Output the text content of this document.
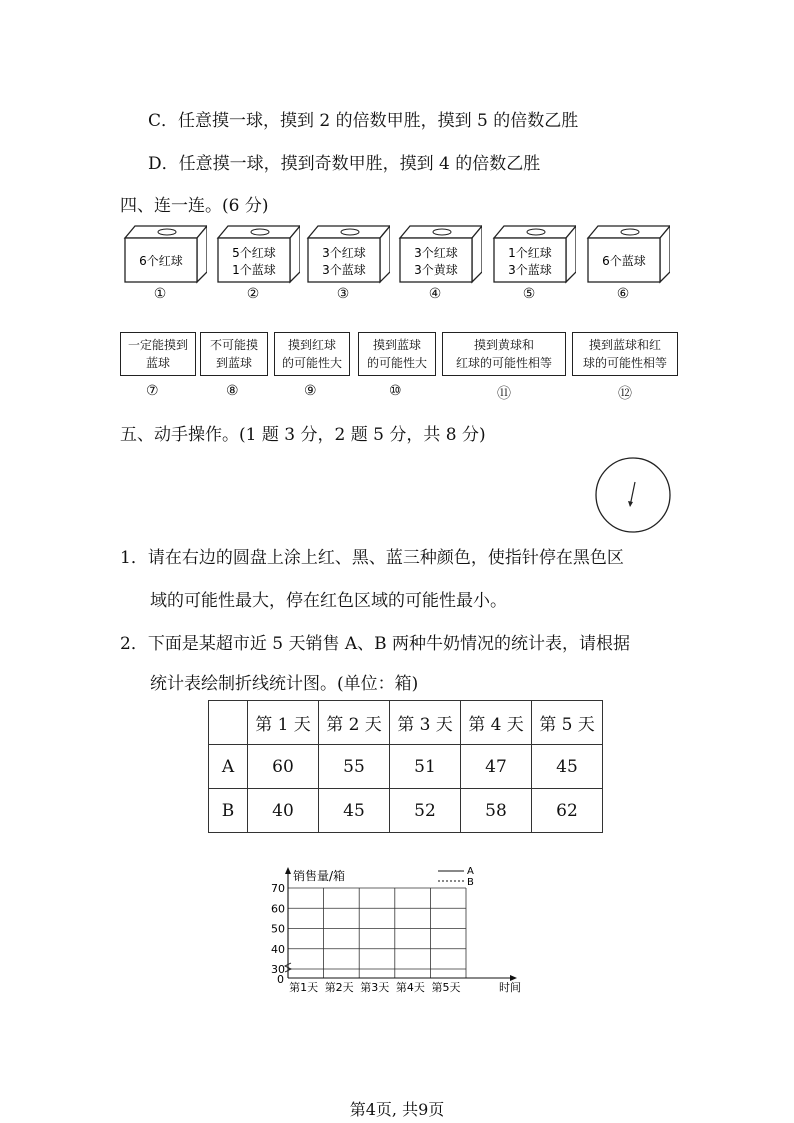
C．任意摸一球，摸到 2 的倍数甲胜，摸到 5 的倍数乙胜
D．任意摸一球，摸到奇数甲胜，摸到 4 的倍数乙胜
四、连一连。(6 分)
6个红球
5个红球
1个蓝球
3个红球
3个蓝球
3个红球
3个黄球
1个红球
3个蓝球
6个蓝球
①	②	③	④	⑤	⑥
一定能摸到
蓝球
不可能摸
到蓝球
摸到红球
的可能性大
摸到蓝球
的可能性大
摸到黄球和
红球的可能性相等
摸到蓝球和红
球的可能性相等
⑦	⑧	⑨	⑩	⑪	⑫
五、动手操作。(1 题 3 分，2 题 5 分，共 8 分)
1．请在右边的圆盘上涂上红、黑、蓝三种颜色，使指针停在黑色区
域的可能性最大，停在红色区域的可能性最小。
2．下面是某超市近 5 天销售 A、B 两种牛奶情况的统计表，请根据
统计表绘制折线统计图。(单位：箱)
	第 1 天	第 2 天	第 3 天	第 4 天	第 5 天
A	60	55	51	47	45
B	40	45	52	58	62
0
30
40
50
60
70
第1天 第2天 第3天 第4天 第5天	时间
销售量/箱	A
B
第4页, 共9页
